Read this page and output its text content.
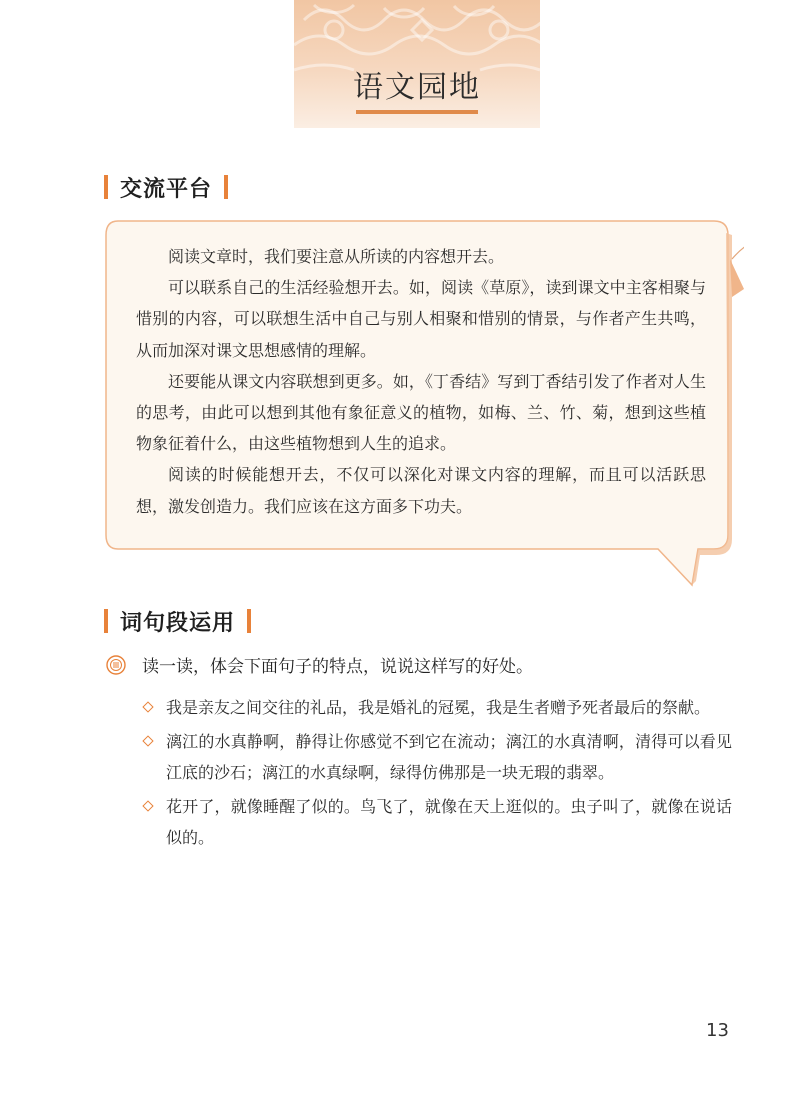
语文园地
交流平台

阅读文章时，我们要注意从所读的内容想开去。

可以联系自己的生活经验想开去。如，阅读《草原》，读到课文中主客相聚与惜别的内容，可以联想生活中自己与别人相聚和惜别的情景，与作者产生共鸣，从而加深对课文思想感情的理解。

还要能从课文内容联想到更多。如，《丁香结》写到丁香结引发了作者对人生的思考，由此可以想到其他有象征意义的植物，如梅、兰、竹、菊，想到这些植物象征着什么，由这些植物想到人生的追求。

阅读的时候能想开去，不仅可以深化对课文内容的理解，而且可以活跃思想，激发创造力。我们应该在这方面多下功夫。

词句段运用
读一读，体会下面句子的特点，说说这样写的好处。
我是亲友之间交往的礼品，我是婚礼的冠冕，我是生者赠予死者最后的祭献。
漓江的水真静啊，静得让你感觉不到它在流动；漓江的水真清啊，清得可以看见江底的沙石；漓江的水真绿啊，绿得仿佛那是一块无瑕的翡翠。
花开了，就像睡醒了似的。鸟飞了，就像在天上逛似的。虫子叫了，就像在说话似的。
13
